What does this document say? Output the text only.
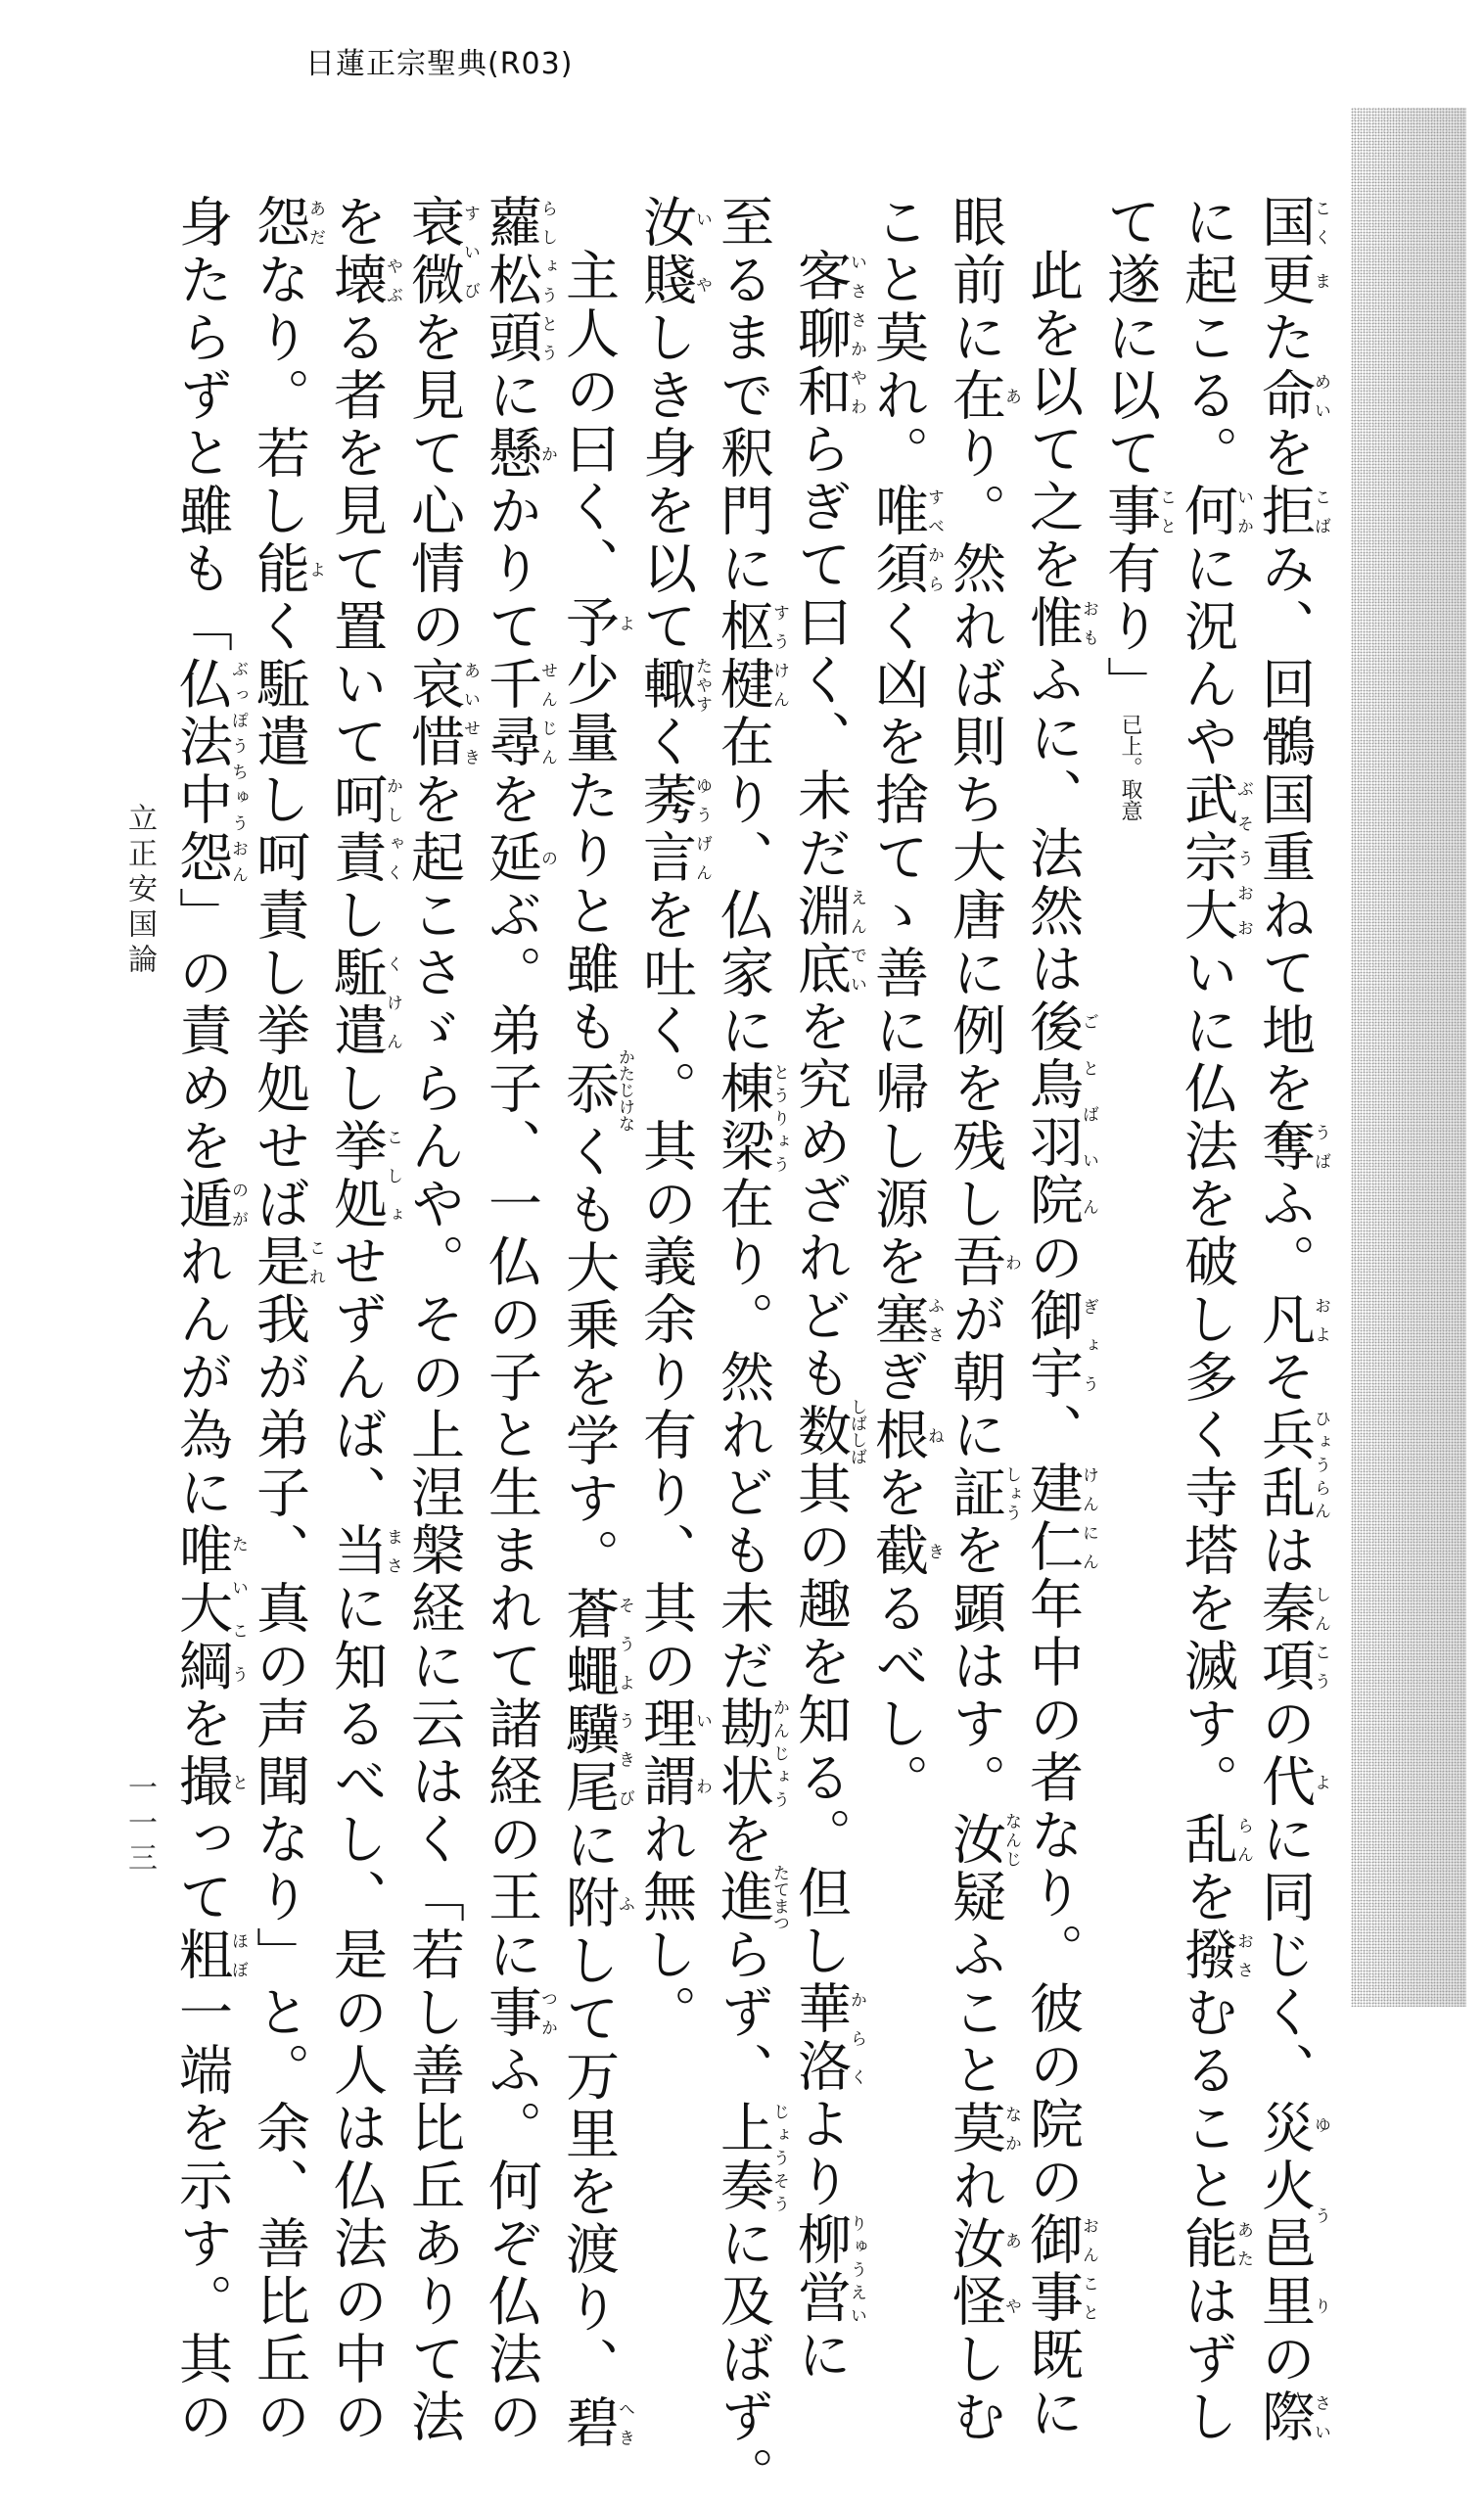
日蓮正宗聖典(R03)

国こく更また命めいを拒こばみ、回鶻国重ねて地を奪うばふ。凡およそ兵乱ひょうらんは秦項しんこうの代よに同じく、災火邑里ゆうりの際さい

に起こる。何いかに況んや武宗大ぶそうおおいに仏法を破し多く寺塔を滅す。乱らんを撥おさむること能あたはずし

て遂に以て事こと有り」已上。取意

此を以て之を惟おもふに、法然は後鳥羽院ごとばいんの御宇ぎょう、建仁けんにん年中の者なり。彼の院の御事おんこと既に

眼前に在あり。然れば則ち大唐に例を残し吾わが朝に証しょうを顕はす。汝なんじ疑ふこと莫なかれ汝怪あやしむ

こと莫れ。唯須すべからく凶を捨てゝ善に帰し源を塞ふさぎ根ねを截きるべし。

客聊和いささかやわらぎて曰く、未だ淵底えんでいを究めざれども数しばしば其の趣を知る。但し華洛からくより柳営りゅうえいに

至るまで釈門に枢楗すうけん在り、仏家に棟梁とうりょう在り。然れども未だ勘状かんじょうを進たてまつらず、上奏じょうそうに及ばず。

汝賤いやしき身を以て輙たやすく莠言ゆうげんを吐く。其の義余り有り、其の理謂いわれ無し。

主人の曰く、予よ少量たりと雖も忝かたじけなくも大乗を学す。蒼蠅驥尾そうようきびに附ふして万里を渡り、碧へき

蘿松頭らしょうとうに懸かかりて千尋せんじんを延のぶ。弟子、一仏の子と生まれて諸経の王に事つかふ。何ぞ仏法の

衰微すいびを見て心情の哀惜あいせきを起こさゞらんや。その上涅槃経に云はく「若し善比丘ありて法

を壊やぶる者を見て置いて呵責かしゃくし駈遣くけんし挙処こしょせずんば、当まさに知るべし、是の人は仏法の中の

怨あだなり。若し能よく駈遣し呵責し挙処せば是これ我が弟子、真の声聞なり」と。余、善比丘の

身たらずと雖も「仏法中怨ぶっぽうちゅうおん」の責めを遁のがれんが為に唯大綱たいこうを撮とって粗ほぼ一端を示す。其の

立正安国論
一一三
